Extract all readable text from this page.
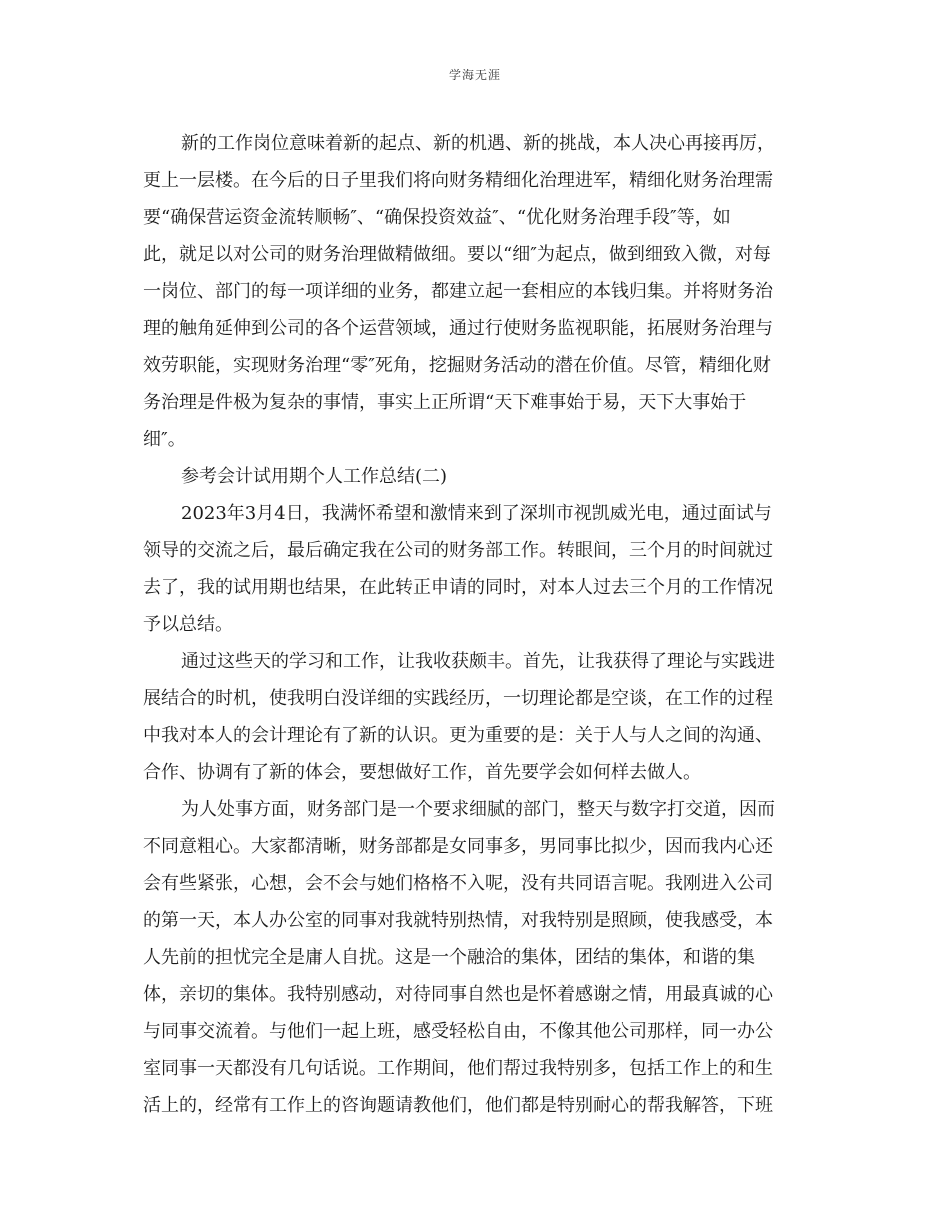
学海无涯
新的工作岗位意味着新的起点、新的机遇、新的挑战，本人决心再接再厉，
更上一层楼。在今后的日子里我们将向财务精细化治理进军，精细化财务治理需
要“确保营运资金流转顺畅″、“确保投资效益″、“优化财务治理手段″等，如
此，就足以对公司的财务治理做精做细。要以“细″为起点，做到细致入微，对每
一岗位、部门的每一项详细的业务，都建立起一套相应的本钱归集。并将财务治
理的触角延伸到公司的各个运营领域，通过行使财务监视职能，拓展财务治理与
效劳职能，实现财务治理“零″死角，挖掘财务活动的潜在价值。尽管，精细化财
务治理是件极为复杂的事情，事实上正所谓“天下难事始于易，天下大事始于
细″。
参考会计试用期个人工作总结(二)
2023年3月4日，我满怀希望和激情来到了深圳市视凯威光电，通过面试与
领导的交流之后，最后确定我在公司的财务部工作。转眼间，三个月的时间就过
去了，我的试用期也结果，在此转正申请的同时，对本人过去三个月的工作情况
予以总结。
通过这些天的学习和工作，让我收获颇丰。首先，让我获得了理论与实践进
展结合的时机，使我明白没详细的实践经历，一切理论都是空谈，在工作的过程
中我对本人的会计理论有了新的认识。更为重要的是：关于人与人之间的沟通、
合作、协调有了新的体会，要想做好工作，首先要学会如何样去做人。
为人处事方面，财务部门是一个要求细腻的部门，整天与数字打交道，因而
不同意粗心。大家都清晰，财务部都是女同事多，男同事比拟少，因而我内心还
会有些紧张，心想，会不会与她们格格不入呢，没有共同语言呢。我刚进入公司
的第一天，本人办公室的同事对我就特别热情，对我特别是照顾，使我感受，本
人先前的担忧完全是庸人自扰。这是一个融洽的集体，团结的集体，和谐的集
体，亲切的集体。我特别感动，对待同事自然也是怀着感谢之情，用最真诚的心
与同事交流着。与他们一起上班，感受轻松自由，不像其他公司那样，同一办公
室同事一天都没有几句话说。工作期间，他们帮过我特别多，包括工作上的和生
活上的，经常有工作上的咨询题请教他们，他们都是特别耐心的帮我解答，下班
